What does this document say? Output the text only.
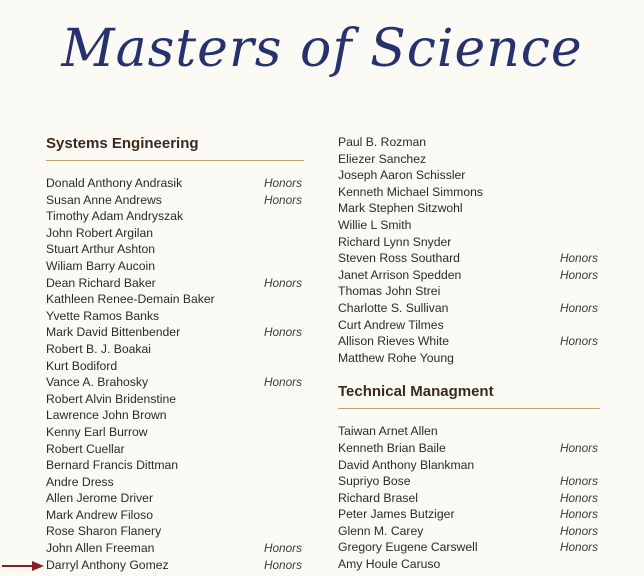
Masters of Science
Systems Engineering
Donald Anthony Andrasik	Honors
Susan Anne Andrews	Honors
Timothy Adam Andryszak
John Robert Argilan
Stuart Arthur Ashton
Wiliam Barry Aucoin
Dean Richard Baker	Honors
Kathleen Renee-Demain Baker
Yvette Ramos Banks
Mark David Bittenbender	Honors
Robert B. J. Boakai
Kurt Bodiford
Vance A. Brahosky	Honors
Robert Alvin Bridenstine
Lawrence John Brown
Kenny Earl Burrow
Robert Cuellar
Bernard Francis Dittman
Andre Dress
Allen Jerome Driver
Mark Andrew Filoso
Rose Sharon Flanery
John Allen Freeman	Honors
Darryl Anthony Gomez	Honors
Paul B. Rozman
Eliezer Sanchez
Joseph Aaron Schissler
Kenneth Michael Simmons
Mark Stephen Sitzwohl
Willie L Smith
Richard Lynn Snyder
Steven Ross Southard	Honors
Janet Arrison Spedden	Honors
Thomas John Strei
Charlotte S. Sullivan	Honors
Curt Andrew Tilmes
Allison Rieves White	Honors
Matthew Rohe Young
Technical Managment
Taiwan Arnet Allen
Kenneth Brian Baile	Honors
David Anthony Blankman
Supriyo Bose	Honors
Richard Brasel	Honors
Peter James Butziger	Honors
Glenn M. Carey	Honors
Gregory Eugene Carswell	Honors
Amy Houle Caruso
